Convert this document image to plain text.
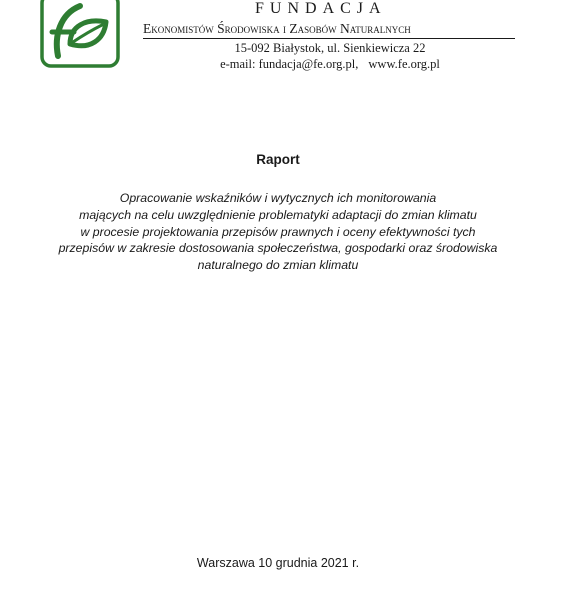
FUNDACJA
Ekonomistów Środowiska i Zasobów Naturalnych
15-092 Białystok, ul. Sienkiewicza 22
e-mail: fundacja@fe.org.pl, www.fe.org.pl
Raport
Opracowanie wskaźników i wytycznych ich monitorowania
mających na celu uwzględnienie problematyki adaptacji do zmian klimatu
w procesie projektowania przepisów prawnych i oceny efektywności tych
przepisów w zakresie dostosowania społeczeństwa, gospodarki oraz środowiska
naturalnego do zmian klimatu
Warszawa 10 grudnia 2021 r.
